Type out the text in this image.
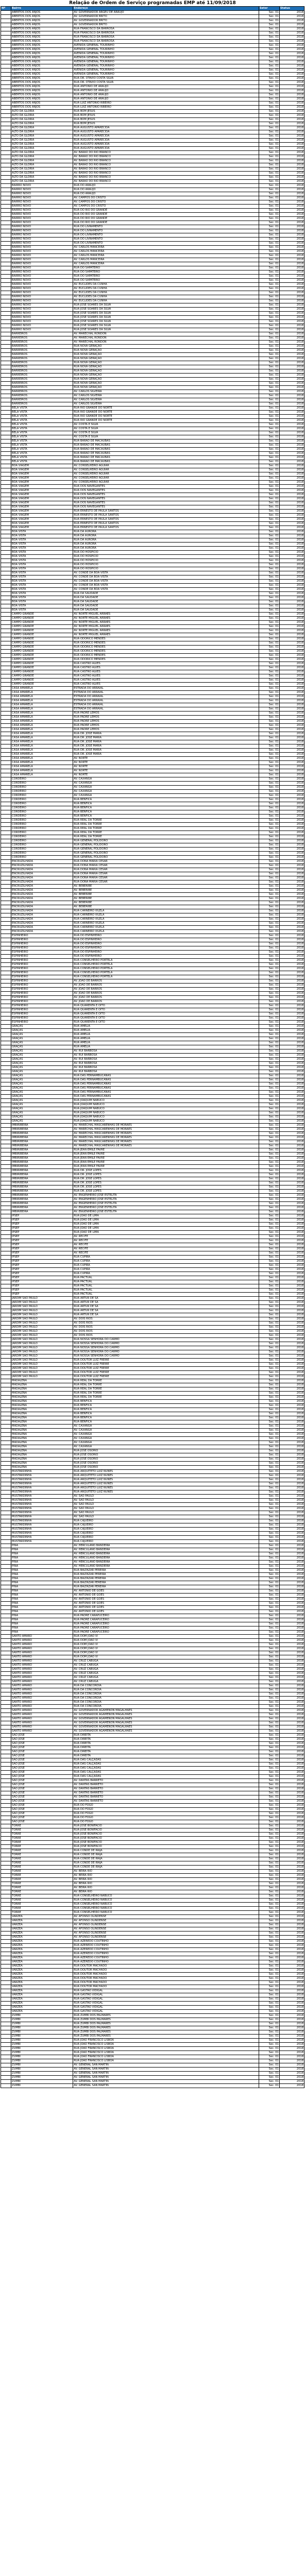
Relação de Ordem de Serviço programadas EMP até 11/09/2018
Nº	Bairro	Endereço	Setor	Status
	ABERTOS DOS ANJOS	AV. GOVERNADOR ARGEU DE ARAUJO	Sec. 01	2018
	ABERTOS DOS ANJOS	AV. GOVERNADOR BRITO	Sec. 01	2018
	ABERTOS DOS ANJOS	AV. GOVERNADOR BRITO	Sec. 01	2018
	ABERTOS DOS ANJOS	AV. GOVERNADOR BRITO	Sec. 01	2018
	ABERTOS DOS ANJOS	RUA FRANCISCO DA BARROSA	Sec. 01	2018
	ABERTOS DOS ANJOS	RUA FRANCISCO DA BARROSA	Sec. 01	2018
	ABERTOS DOS ANJOS	RUA FRANCISCO DA BARROSA	Sec. 01	2018
	ABERTOS DOS ANJOS	RUA FRANCISCO DA BARROSA	Sec. 01	2018
	ABERTOS DOS ANJOS	AVENIDA GENERAL TOURINHO	Sec. 01	2018
	ABERTOS DOS ANJOS	AVENIDA GENERAL TOURINHO	Sec. 01	2018
	ABERTOS DOS ANJOS	AVENIDA GENERAL TOURINHO	Sec. 01	2018
	ABERTOS DOS ANJOS	AVENIDA GENERAL TOURINHO	Sec. 01	2018
	ABERTOS DOS ANJOS	AVENIDA GENERAL TOURINHO	Sec. 01	2018
	ABERTOS DOS ANJOS	AVENIDA GENERAL TOURINHO	Sec. 01	2018
	ABERTOS DOS ANJOS	AVENIDA GENERAL TOURINHO	Sec. 01	2018
	ABERTOS DOS ANJOS	AVENIDA GENERAL TOURINHO	Sec. 01	2018
	ABERTOS DOS ANJOS	RUA DR. OTAVIO COSTA SILVA	Sec. 01	2018
	ABERTOS DOS ANJOS	RUA DR. OTAVIO COSTA SILVA	Sec. 01	2018
	ABERTOS DOS ANJOS	RUA ANTONIO DE ARAUJO	Sec. 01	2018
	ABERTOS DOS ANJOS	RUA ANTONIO DE ARAUJO	Sec. 01	2018
	ABERTOS DOS ANJOS	RUA ANTONIO DE ARAUJO	Sec. 01	2018
	ABERTOS DOS ANJOS	RUA ANTONIO DE ARAUJO	Sec. 01	2018
	ABERTOS DOS ANJOS	RUA LUIZ ANTONIO RIBEIRO	Sec. 01	2018
	ABERTOS DOS ANJOS	RUA LUIZ ANTONIO RIBEIRO	Sec. 01	2018
	ALTO DA GLÓRIA	RUA BOM JESUS	Sec. 01	2018
	ALTO DA GLÓRIA	RUA BOM JESUS	Sec. 01	2018
	ALTO DA GLÓRIA	RUA BOM JESUS	Sec. 01	2018
	ALTO DA GLÓRIA	RUA BOM JESUS	Sec. 01	2018
	ALTO DA GLÓRIA	RUA AUGUSTO APARECIDA	Sec. 01	2018
	ALTO DA GLÓRIA	RUA AUGUSTO APARECIDA	Sec. 01	2018
	ALTO DA GLÓRIA	RUA AUGUSTO APARECIDA	Sec. 01	2018
	ALTO DA GLÓRIA	RUA AUGUSTO APARECIDA	Sec. 01	2018
	ALTO DA GLÓRIA	RUA AUGUSTO APARECIDA	Sec. 01	2018
	ALTO DA GLÓRIA	RUA AUGUSTO APARECIDA	Sec. 01	2018
	ALTO DA GLÓRIA	AV. BARÃO DO RIO BRANCO	Sec. 01	2018
	ALTO DA GLÓRIA	AV. BARÃO DO RIO BRANCO	Sec. 01	2018
	ALTO DA GLÓRIA	AV. BARÃO DO RIO BRANCO	Sec. 01	2018
	ALTO DA GLÓRIA	AV. BARÃO DO RIO BRANCO	Sec. 01	2018
	ALTO DA GLÓRIA	AV. BARÃO DO RIO BRANCO	Sec. 01	2018
	ALTO DA GLÓRIA	AV. BARÃO DO RIO BRANCO	Sec. 01	2018
	ALTO DA GLÓRIA	AV. BARÃO DO RIO BRANCO	Sec. 01	2018
	ALTO DA GLÓRIA	AV. BARÃO DO RIO BRANCO	Sec. 01	2018
	BAIRRO NOVO	RUA DO ARAUJO	Sec. 01	2018
	BAIRRO NOVO	RUA DO ARAUJO	Sec. 01	2018
	BAIRRO NOVO	RUA DO ARAUJO	Sec. 01	2018
	BAIRRO NOVO	AV. CAMPOS DO CRISTO	Sec. 01	2018
	BAIRRO NOVO	AV. CAMPOS DO CRISTO	Sec. 01	2018
	BAIRRO NOVO	AV. CAMPOS DO CRISTO	Sec. 01	2018
	BAIRRO NOVO	RUA DO RIO DO GRANDE	Sec. 01	2018
	BAIRRO NOVO	RUA DO RIO DO GRANDE	Sec. 01	2018
	BAIRRO NOVO	RUA DO RIO DO GRANDE	Sec. 01	2018
	BAIRRO NOVO	RUA DO RIO DO GRANDE	Sec. 01	2018
	BAIRRO NOVO	RUA DO LIVRAMENTO	Sec. 01	2018
	BAIRRO NOVO	RUA DO LIVRAMENTO	Sec. 01	2018
	BAIRRO NOVO	RUA DO LIVRAMENTO	Sec. 01	2018
	BAIRRO NOVO	RUA DO LIVRAMENTO	Sec. 01	2018
	BAIRRO NOVO	RUA DO LIVRAMENTO	Sec. 01	2018
	BAIRRO NOVO	AV. CARLOS MANCEIRA	Sec. 01	2018
	BAIRRO NOVO	AV. CARLOS MANCEIRA	Sec. 01	2018
	BAIRRO NOVO	AV. CARLOS MANCEIRA	Sec. 01	2018
	BAIRRO NOVO	AV. CARLOS MANCEIRA	Sec. 01	2018
	BAIRRO NOVO	AV. CARLOS MANCEIRA	Sec. 01	2018
	BAIRRO NOVO	RUA DO SAPATEIRO	Sec. 01	2018
	BAIRRO NOVO	RUA DO SAPATEIRO	Sec. 01	2018
	BAIRRO NOVO	RUA DO SAPATEIRO	Sec. 01	2018
	BAIRRO NOVO	RUA DO SAPATEIRO	Sec. 01	2018
	BAIRRO NOVO	AV. EUCLIDES DA CUNHA	Sec. 01	2018
	BAIRRO NOVO	AV. EUCLIDES DA CUNHA	Sec. 01	2018
	BAIRRO NOVO	AV. EUCLIDES DA CUNHA	Sec. 01	2018
	BAIRRO NOVO	AV. EUCLIDES DA CUNHA	Sec. 01	2018
	BAIRRO NOVO	AV. EUCLIDES DA CUNHA	Sec. 01	2018
	BAIRRO NOVO	RUA JOSE SOARES DA SILVA	Sec. 01	2018
	BAIRRO NOVO	RUA JOSE SOARES DA SILVA	Sec. 01	2018
	BAIRRO NOVO	RUA JOSE SOARES DA SILVA	Sec. 01	2018
	BAIRRO NOVO	RUA JOSE SOARES DA SILVA	Sec. 01	2018
	BAIRRO NOVO	RUA JOSE SOARES DA SILVA	Sec. 01	2018
	BAIRRO NOVO	RUA JOSE SOARES DA SILVA	Sec. 01	2018
	BAIRRO NOVO	RUA JOSE SOARES DA SILVA	Sec. 01	2018
	BARREIROS	AV. MARECHAL RONDON	Sec. 01	2018
	BARREIROS	AV. MARECHAL RONDON	Sec. 01	2018
	BARREIROS	AV. MARECHAL RONDON	Sec. 01	2018
	BARREIROS	RUA NOVA GERAÇÃO	Sec. 01	2018
	BARREIROS	RUA NOVA GERAÇÃO	Sec. 01	2018
	BARREIROS	RUA NOVA GERAÇÃO	Sec. 01	2018
	BARREIROS	RUA NOVA GERAÇÃO	Sec. 01	2018
	BARREIROS	RUA NOVA GERAÇÃO	Sec. 01	2018
	BARREIROS	RUA NOVA GERAÇÃO	Sec. 01	2018
	BARREIROS	RUA NOVA GERAÇÃO	Sec. 01	2018
	BARREIROS	RUA NOVA GERAÇÃO	Sec. 01	2018
	BARREIROS	RUA NOVA GERAÇÃO	Sec. 01	2018
	BARREIROS	RUA NOVA GERAÇÃO	Sec. 01	2018
	BARREIROS	RUA NOVA GERAÇÃO	Sec. 01	2018
	BARREIROS	AV. CARLOS SILVEIRA	Sec. 01	2018
	BARREIROS	AV. CARLOS SILVEIRA	Sec. 01	2018
	BARREIROS	AV. CARLOS SILVEIRA	Sec. 01	2018
	BARREIROS	AV. CARLOS SILVEIRA	Sec. 01	2018
	BELA VISTA	RUA RIO GRANDE DO NORTE	Sec. 01	2018
	BELA VISTA	RUA RIO GRANDE DO NORTE	Sec. 01	2018
	BELA VISTA	RUA RIO GRANDE DO NORTE	Sec. 01	2018
	BELA VISTA	RUA RIO GRANDE DO NORTE	Sec. 01	2018
	BELA VISTA	AV. COSTA E SILVA	Sec. 01	2018
	BELA VISTA	AV. COSTA E SILVA	Sec. 01	2018
	BELA VISTA	AV. COSTA E SILVA	Sec. 01	2018
	BELA VISTA	AV. COSTA E SILVA	Sec. 01	2018
	BELA VISTA	RUA BARÃO DE MACAÚBAS	Sec. 01	2018
	BELA VISTA	RUA BARÃO DE MACAÚBAS	Sec. 01	2018
	BELA VISTA	RUA BARÃO DE MACAÚBAS	Sec. 01	2018
	BELA VISTA	RUA BARÃO DE MACAÚBAS	Sec. 01	2018
	BELA VISTA	RUA BARÃO DE MACAÚBAS	Sec. 01	2018
	BELA VISTA	RUA BARÃO DE MACAÚBAS	Sec. 01	2018
	BOA VIAGEM	AV. CONSELHEIRO AGUIAR	Sec. 01	2018
	BOA VIAGEM	AV. CONSELHEIRO AGUIAR	Sec. 01	2018
	BOA VIAGEM	AV. CONSELHEIRO AGUIAR	Sec. 01	2018
	BOA VIAGEM	AV. CONSELHEIRO AGUIAR	Sec. 01	2018
	BOA VIAGEM	AV. CONSELHEIRO AGUIAR	Sec. 01	2018
	BOA VIAGEM	RUA DOS NAVEGANTES	Sec. 01	2018
	BOA VIAGEM	RUA DOS NAVEGANTES	Sec. 01	2018
	BOA VIAGEM	RUA DOS NAVEGANTES	Sec. 01	2018
	BOA VIAGEM	RUA DOS NAVEGANTES	Sec. 01	2018
	BOA VIAGEM	RUA DOS NAVEGANTES	Sec. 01	2018
	BOA VIAGEM	RUA DOS NAVEGANTES	Sec. 01	2018
	BOA VIAGEM	RUA ERNESTO DE PAULA SANTOS	Sec. 01	2018
	BOA VIAGEM	RUA ERNESTO DE PAULA SANTOS	Sec. 01	2018
	BOA VIAGEM	RUA ERNESTO DE PAULA SANTOS	Sec. 01	2018
	BOA VIAGEM	RUA ERNESTO DE PAULA SANTOS	Sec. 01	2018
	BOA VIAGEM	RUA ERNESTO DE PAULA SANTOS	Sec. 01	2018
	BOA VISTA	RUA DA AURORA	Sec. 01	2018
	BOA VISTA	RUA DA AURORA	Sec. 01	2018
	BOA VISTA	RUA DA AURORA	Sec. 01	2018
	BOA VISTA	RUA DA AURORA	Sec. 01	2018
	BOA VISTA	RUA DA AURORA	Sec. 01	2018
	BOA VISTA	RUA DO HOSPÍCIO	Sec. 01	2018
	BOA VISTA	RUA DO HOSPÍCIO	Sec. 01	2018
	BOA VISTA	RUA DO HOSPÍCIO	Sec. 01	2018
	BOA VISTA	RUA DO HOSPÍCIO	Sec. 01	2018
	BOA VISTA	RUA DO HOSPÍCIO	Sec. 01	2018
	BOA VISTA	AV. CONDE DA BOA VISTA	Sec. 01	2018
	BOA VISTA	AV. CONDE DA BOA VISTA	Sec. 01	2018
	BOA VISTA	AV. CONDE DA BOA VISTA	Sec. 01	2018
	BOA VISTA	AV. CONDE DA BOA VISTA	Sec. 01	2018
	BOA VISTA	AV. CONDE DA BOA VISTA	Sec. 01	2018
	BOA VISTA	RUA DA SAUDADE	Sec. 01	2018
	BOA VISTA	RUA DA SAUDADE	Sec. 01	2018
	BOA VISTA	RUA DA SAUDADE	Sec. 01	2018
	BOA VISTA	RUA DA SAUDADE	Sec. 01	2018
	BOA VISTA	RUA DA SAUDADE	Sec. 01	2018
	CAMPO GRANDE	AV. NORTE MIGUEL ARRAES	Sec. 01	2018
	CAMPO GRANDE	AV. NORTE MIGUEL ARRAES	Sec. 01	2018
	CAMPO GRANDE	AV. NORTE MIGUEL ARRAES	Sec. 01	2018
	CAMPO GRANDE	AV. NORTE MIGUEL ARRAES	Sec. 01	2018
	CAMPO GRANDE	AV. NORTE MIGUEL ARRAES	Sec. 01	2018
	CAMPO GRANDE	AV. NORTE MIGUEL ARRAES	Sec. 01	2018
	CAMPO GRANDE	RUA ODORICO MENDES	Sec. 01	2018
	CAMPO GRANDE	RUA ODORICO MENDES	Sec. 01	2018
	CAMPO GRANDE	RUA ODORICO MENDES	Sec. 01	2018
	CAMPO GRANDE	RUA ODORICO MENDES	Sec. 01	2018
	CAMPO GRANDE	RUA ODORICO MENDES	Sec. 01	2018
	CAMPO GRANDE	RUA ODORICO MENDES	Sec. 01	2018
	CAMPO GRANDE	RUA CASTRO ALVES	Sec. 01	2018
	CAMPO GRANDE	RUA CASTRO ALVES	Sec. 01	2018
	CAMPO GRANDE	RUA CASTRO ALVES	Sec. 01	2018
	CAMPO GRANDE	RUA CASTRO ALVES	Sec. 01	2018
	CAMPO GRANDE	RUA CASTRO ALVES	Sec. 01	2018
	CAMPO GRANDE	RUA CASTRO ALVES	Sec. 01	2018
	CASA AMARELA	ESTRADA DO ARRAIAL	Sec. 01	2018
	CASA AMARELA	ESTRADA DO ARRAIAL	Sec. 01	2018
	CASA AMARELA	ESTRADA DO ARRAIAL	Sec. 01	2018
	CASA AMARELA	ESTRADA DO ARRAIAL	Sec. 01	2018
	CASA AMARELA	ESTRADA DO ARRAIAL	Sec. 01	2018
	CASA AMARELA	ESTRADA DO ARRAIAL	Sec. 01	2018
	CASA AMARELA	RUA PADRE LEMOS	Sec. 01	2018
	CASA AMARELA	RUA PADRE LEMOS	Sec. 01	2018
	CASA AMARELA	RUA PADRE LEMOS	Sec. 01	2018
	CASA AMARELA	RUA PADRE LEMOS	Sec. 01	2018
	CASA AMARELA	RUA PADRE LEMOS	Sec. 01	2018
	CASA AMARELA	RUA DR. JOSÉ MARIA	Sec. 01	2018
	CASA AMARELA	RUA DR. JOSÉ MARIA	Sec. 01	2018
	CASA AMARELA	RUA DR. JOSÉ MARIA	Sec. 01	2018
	CASA AMARELA	RUA DR. JOSÉ MARIA	Sec. 01	2018
	CASA AMARELA	RUA DR. JOSÉ MARIA	Sec. 01	2018
	CASA AMARELA	RUA DR. JOSÉ MARIA	Sec. 01	2018
	CASA AMARELA	AV. NORTE	Sec. 01	2018
	CASA AMARELA	AV. NORTE	Sec. 01	2018
	CASA AMARELA	AV. NORTE	Sec. 01	2018
	CASA AMARELA	AV. NORTE	Sec. 01	2018
	CASA AMARELA	AV. NORTE	Sec. 01	2018
	CORDEIRO	AV. CAXANGÁ	Sec. 01	2018
	CORDEIRO	AV. CAXANGÁ	Sec. 01	2018
	CORDEIRO	AV. CAXANGÁ	Sec. 01	2018
	CORDEIRO	AV. CAXANGÁ	Sec. 01	2018
	CORDEIRO	AV. CAXANGÁ	Sec. 01	2018
	CORDEIRO	RUA BENFICA	Sec. 01	2018
	CORDEIRO	RUA BENFICA	Sec. 01	2018
	CORDEIRO	RUA BENFICA	Sec. 01	2018
	CORDEIRO	RUA BENFICA	Sec. 01	2018
	CORDEIRO	RUA BENFICA	Sec. 01	2018
	CORDEIRO	RUA REAL DA TORRE	Sec. 01	2018
	CORDEIRO	RUA REAL DA TORRE	Sec. 01	2018
	CORDEIRO	RUA REAL DA TORRE	Sec. 01	2018
	CORDEIRO	RUA REAL DA TORRE	Sec. 01	2018
	CORDEIRO	RUA REAL DA TORRE	Sec. 01	2018
	CORDEIRO	RUA GENERAL POLIDORO	Sec. 01	2018
	CORDEIRO	RUA GENERAL POLIDORO	Sec. 01	2018
	CORDEIRO	RUA GENERAL POLIDORO	Sec. 01	2018
	CORDEIRO	RUA GENERAL POLIDORO	Sec. 01	2018
	CORDEIRO	RUA GENERAL POLIDORO	Sec. 01	2018
	ENCRUZILHADA	RUA DONA MARIA CÉSAR	Sec. 01	2018
	ENCRUZILHADA	RUA DONA MARIA CÉSAR	Sec. 01	2018
	ENCRUZILHADA	RUA DONA MARIA CÉSAR	Sec. 01	2018
	ENCRUZILHADA	RUA DONA MARIA CÉSAR	Sec. 01	2018
	ENCRUZILHADA	RUA DONA MARIA CÉSAR	Sec. 01	2018
	ENCRUZILHADA	RUA DONA MARIA CÉSAR	Sec. 01	2018
	ENCRUZILHADA	AV. BEBERIBE	Sec. 01	2018
	ENCRUZILHADA	AV. BEBERIBE	Sec. 01	2018
	ENCRUZILHADA	AV. BEBERIBE	Sec. 01	2018
	ENCRUZILHADA	AV. BEBERIBE	Sec. 01	2018
	ENCRUZILHADA	AV. BEBERIBE	Sec. 01	2018
	ENCRUZILHADA	AV. BEBERIBE	Sec. 01	2018
	ENCRUZILHADA	RUA CARNEIRO VILELA	Sec. 01	2018
	ENCRUZILHADA	RUA CARNEIRO VILELA	Sec. 01	2018
	ENCRUZILHADA	RUA CARNEIRO VILELA	Sec. 01	2018
	ENCRUZILHADA	RUA CARNEIRO VILELA	Sec. 01	2018
	ENCRUZILHADA	RUA CARNEIRO VILELA	Sec. 01	2018
	ENCRUZILHADA	RUA CARNEIRO VILELA	Sec. 01	2018
	ESPINHEIRO	RUA DO ESPINHEIRO	Sec. 01	2018
	ESPINHEIRO	RUA DO ESPINHEIRO	Sec. 01	2018
	ESPINHEIRO	RUA DO ESPINHEIRO	Sec. 01	2018
	ESPINHEIRO	RUA DO ESPINHEIRO	Sec. 01	2018
	ESPINHEIRO	RUA DO ESPINHEIRO	Sec. 01	2018
	ESPINHEIRO	RUA DO ESPINHEIRO	Sec. 01	2018
	ESPINHEIRO	RUA CONSELHEIRO PORTELA	Sec. 01	2018
	ESPINHEIRO	RUA CONSELHEIRO PORTELA	Sec. 01	2018
	ESPINHEIRO	RUA CONSELHEIRO PORTELA	Sec. 01	2018
	ESPINHEIRO	RUA CONSELHEIRO PORTELA	Sec. 01	2018
	ESPINHEIRO	RUA CONSELHEIRO PORTELA	Sec. 01	2018
	ESPINHEIRO	AV. JOÃO DE BARROS	Sec. 01	2018
	ESPINHEIRO	AV. JOÃO DE BARROS	Sec. 01	2018
	ESPINHEIRO	AV. JOÃO DE BARROS	Sec. 01	2018
	ESPINHEIRO	AV. JOÃO DE BARROS	Sec. 01	2018
	ESPINHEIRO	AV. JOÃO DE BARROS	Sec. 01	2018
	ESPINHEIRO	AV. JOÃO DE BARROS	Sec. 01	2018
	ESPINHEIRO	RUA QUARENTA E OITO	Sec. 01	2018
	ESPINHEIRO	RUA QUARENTA E OITO	Sec. 01	2018
	ESPINHEIRO	RUA QUARENTA E OITO	Sec. 01	2018
	ESPINHEIRO	RUA QUARENTA E OITO	Sec. 01	2018
	ESPINHEIRO	RUA QUARENTA E OITO	Sec. 01	2018
	GRAÇAS	RUA AMÉLIA	Sec. 01	2018
	GRAÇAS	RUA AMÉLIA	Sec. 01	2018
	GRAÇAS	RUA AMÉLIA	Sec. 01	2018
	GRAÇAS	RUA AMÉLIA	Sec. 01	2018
	GRAÇAS	RUA AMÉLIA	Sec. 01	2018
	GRAÇAS	RUA AMÉLIA	Sec. 01	2018
	GRAÇAS	AV. RUI BARBOSA	Sec. 01	2018
	GRAÇAS	AV. RUI BARBOSA	Sec. 01	2018
	GRAÇAS	AV. RUI BARBOSA	Sec. 01	2018
	GRAÇAS	AV. RUI BARBOSA	Sec. 01	2018
	GRAÇAS	AV. RUI BARBOSA	Sec. 01	2018
	GRAÇAS	AV. RUI BARBOSA	Sec. 01	2018
	GRAÇAS	RUA DAS PERNAMBUCANAS	Sec. 01	2018
	GRAÇAS	RUA DAS PERNAMBUCANAS	Sec. 01	2018
	GRAÇAS	RUA DAS PERNAMBUCANAS	Sec. 01	2018
	GRAÇAS	RUA DAS PERNAMBUCANAS	Sec. 01	2018
	GRAÇAS	RUA DAS PERNAMBUCANAS	Sec. 01	2018
	GRAÇAS	RUA DAS PERNAMBUCANAS	Sec. 01	2018
	GRAÇAS	RUA JOAQUIM NABUCO	Sec. 01	2018
	GRAÇAS	RUA JOAQUIM NABUCO	Sec. 01	2018
	GRAÇAS	RUA JOAQUIM NABUCO	Sec. 01	2018
	GRAÇAS	RUA JOAQUIM NABUCO	Sec. 01	2018
	GRAÇAS	RUA JOAQUIM NABUCO	Sec. 01	2018
	GRAÇAS	RUA JOAQUIM NABUCO	Sec. 01	2018
	IMBIRIBEIRA	AV. MARECHAL MASCARENHAS DE MORAES	Sec. 01	2018
	IMBIRIBEIRA	AV. MARECHAL MASCARENHAS DE MORAES	Sec. 01	2018
	IMBIRIBEIRA	AV. MARECHAL MASCARENHAS DE MORAES	Sec. 01	2018
	IMBIRIBEIRA	AV. MARECHAL MASCARENHAS DE MORAES	Sec. 01	2018
	IMBIRIBEIRA	AV. MARECHAL MASCARENHAS DE MORAES	Sec. 01	2018
	IMBIRIBEIRA	AV. MARECHAL MASCARENHAS DE MORAES	Sec. 01	2018
	IMBIRIBEIRA	RUA JEAN EMILE FAVRE	Sec. 01	2018
	IMBIRIBEIRA	RUA JEAN EMILE FAVRE	Sec. 01	2018
	IMBIRIBEIRA	RUA JEAN EMILE FAVRE	Sec. 01	2018
	IMBIRIBEIRA	RUA JEAN EMILE FAVRE	Sec. 01	2018
	IMBIRIBEIRA	RUA JEAN EMILE FAVRE	Sec. 01	2018
	IMBIRIBEIRA	RUA DR. JOSÉ LOPES	Sec. 01	2018
	IMBIRIBEIRA	RUA DR. JOSÉ LOPES	Sec. 01	2018
	IMBIRIBEIRA	RUA DR. JOSÉ LOPES	Sec. 01	2018
	IMBIRIBEIRA	RUA DR. JOSÉ LOPES	Sec. 01	2018
	IMBIRIBEIRA	RUA DR. JOSÉ LOPES	Sec. 01	2018
	IMBIRIBEIRA	RUA DR. JOSÉ LOPES	Sec. 01	2018
	IMBIRIBEIRA	AV. ENGENHEIRO JOSÉ ESTELITA	Sec. 01	2018
	IMBIRIBEIRA	AV. ENGENHEIRO JOSÉ ESTELITA	Sec. 01	2018
	IMBIRIBEIRA	AV. ENGENHEIRO JOSÉ ESTELITA	Sec. 01	2018
	IMBIRIBEIRA	AV. ENGENHEIRO JOSÉ ESTELITA	Sec. 01	2018
	IMBIRIBEIRA	AV. ENGENHEIRO JOSÉ ESTELITA	Sec. 01	2018
	IPSEP	RUA JOÃO DE LIMA	Sec. 01	2018
	IPSEP	RUA JOÃO DE LIMA	Sec. 01	2018
	IPSEP	RUA JOÃO DE LIMA	Sec. 01	2018
	IPSEP	RUA JOÃO DE LIMA	Sec. 01	2018
	IPSEP	RUA JOÃO DE LIMA	Sec. 01	2018
	IPSEP	AV. RECIFE	Sec. 01	2018
	IPSEP	AV. RECIFE	Sec. 01	2018
	IPSEP	AV. RECIFE	Sec. 01	2018
	IPSEP	AV. RECIFE	Sec. 01	2018
	IPSEP	AV. RECIFE	Sec. 01	2018
	IPSEP	RUA CUPIRA	Sec. 01	2018
	IPSEP	RUA CUPIRA	Sec. 01	2018
	IPSEP	RUA CUPIRA	Sec. 01	2018
	IPSEP	RUA CUPIRA	Sec. 01	2018
	IPSEP	RUA CUPIRA	Sec. 01	2018
	IPSEP	RUA PACTUAL	Sec. 01	2018
	IPSEP	RUA PACTUAL	Sec. 01	2018
	IPSEP	RUA PACTUAL	Sec. 01	2018
	IPSEP	RUA PACTUAL	Sec. 01	2018
	IPSEP	RUA PACTUAL	Sec. 01	2018
	JARDIM SÃO PAULO	RUA ARTUR DE SÁ	Sec. 01	2018
	JARDIM SÃO PAULO	RUA ARTUR DE SÁ	Sec. 01	2018
	JARDIM SÃO PAULO	RUA ARTUR DE SÁ	Sec. 01	2018
	JARDIM SÃO PAULO	RUA ARTUR DE SÁ	Sec. 01	2018
	JARDIM SÃO PAULO	RUA ARTUR DE SÁ	Sec. 01	2018
	JARDIM SÃO PAULO	AV. DOIS RIOS	Sec. 01	2018
	JARDIM SÃO PAULO	AV. DOIS RIOS	Sec. 01	2018
	JARDIM SÃO PAULO	AV. DOIS RIOS	Sec. 01	2018
	JARDIM SÃO PAULO	AV. DOIS RIOS	Sec. 01	2018
	JARDIM SÃO PAULO	AV. DOIS RIOS	Sec. 01	2018
	JARDIM SÃO PAULO	RUA NOSSA SENHORA DO CARMO	Sec. 01	2018
	JARDIM SÃO PAULO	RUA NOSSA SENHORA DO CARMO	Sec. 01	2018
	JARDIM SÃO PAULO	RUA NOSSA SENHORA DO CARMO	Sec. 01	2018
	JARDIM SÃO PAULO	RUA NOSSA SENHORA DO CARMO	Sec. 01	2018
	JARDIM SÃO PAULO	RUA NOSSA SENHORA DO CARMO	Sec. 01	2018
	JARDIM SÃO PAULO	RUA DOUTOR LUIZ FREIRE	Sec. 01	2018
	JARDIM SÃO PAULO	RUA DOUTOR LUIZ FREIRE	Sec. 01	2018
	JARDIM SÃO PAULO	RUA DOUTOR LUIZ FREIRE	Sec. 01	2018
	JARDIM SÃO PAULO	RUA DOUTOR LUIZ FREIRE	Sec. 01	2018
	JARDIM SÃO PAULO	RUA DOUTOR LUIZ FREIRE	Sec. 01	2018
	MADALENA	RUA REAL DA TORRE	Sec. 01	2018
	MADALENA	RUA REAL DA TORRE	Sec. 01	2018
	MADALENA	RUA REAL DA TORRE	Sec. 01	2018
	MADALENA	RUA REAL DA TORRE	Sec. 01	2018
	MADALENA	RUA REAL DA TORRE	Sec. 01	2018
	MADALENA	RUA BENFICA	Sec. 01	2018
	MADALENA	RUA BENFICA	Sec. 01	2018
	MADALENA	RUA BENFICA	Sec. 01	2018
	MADALENA	RUA BENFICA	Sec. 01	2018
	MADALENA	RUA BENFICA	Sec. 01	2018
	MADALENA	RUA BENFICA	Sec. 01	2018
	MADALENA	AV. CAXANGÁ	Sec. 01	2018
	MADALENA	AV. CAXANGÁ	Sec. 01	2018
	MADALENA	AV. CAXANGÁ	Sec. 01	2018
	MADALENA	AV. CAXANGÁ	Sec. 01	2018
	MADALENA	AV. CAXANGÁ	Sec. 01	2018
	MADALENA	AV. CAXANGÁ	Sec. 01	2018
	MADALENA	RUA JOSÉ OSÓRIO	Sec. 01	2018
	MADALENA	RUA JOSÉ OSÓRIO	Sec. 01	2018
	MADALENA	RUA JOSÉ OSÓRIO	Sec. 01	2018
	MADALENA	RUA JOSÉ OSÓRIO	Sec. 01	2018
	MADALENA	RUA JOSÉ OSÓRIO	Sec. 01	2018
	MUSTARDINHA	RUA ARQUITETO LUIZ NUNES	Sec. 01	2018
	MUSTARDINHA	RUA ARQUITETO LUIZ NUNES	Sec. 01	2018
	MUSTARDINHA	RUA ARQUITETO LUIZ NUNES	Sec. 01	2018
	MUSTARDINHA	RUA ARQUITETO LUIZ NUNES	Sec. 01	2018
	MUSTARDINHA	RUA ARQUITETO LUIZ NUNES	Sec. 01	2018
	MUSTARDINHA	RUA ARQUITETO LUIZ NUNES	Sec. 01	2018
	MUSTARDINHA	AV. SÃO PAULO	Sec. 01	2018
	MUSTARDINHA	AV. SÃO PAULO	Sec. 01	2018
	MUSTARDINHA	AV. SÃO PAULO	Sec. 01	2018
	MUSTARDINHA	AV. SÃO PAULO	Sec. 01	2018
	MUSTARDINHA	AV. SÃO PAULO	Sec. 01	2018
	MUSTARDINHA	AV. SÃO PAULO	Sec. 01	2018
	MUSTARDINHA	RUA CAJUEIRO	Sec. 01	2018
	MUSTARDINHA	RUA CAJUEIRO	Sec. 01	2018
	MUSTARDINHA	RUA CAJUEIRO	Sec. 01	2018
	MUSTARDINHA	RUA CAJUEIRO	Sec. 01	2018
	MUSTARDINHA	RUA CAJUEIRO	Sec. 01	2018
	MUSTARDINHA	RUA CAJUEIRO	Sec. 01	2018
	PINA	AV. HERCULANO BANDEIRA	Sec. 01	2018
	PINA	AV. HERCULANO BANDEIRA	Sec. 01	2018
	PINA	AV. HERCULANO BANDEIRA	Sec. 01	2018
	PINA	AV. HERCULANO BANDEIRA	Sec. 01	2018
	PINA	AV. HERCULANO BANDEIRA	Sec. 01	2018
	PINA	AV. HERCULANO BANDEIRA	Sec. 01	2018
	PINA	RUA BALTAZAR PEREIRA	Sec. 01	2018
	PINA	RUA BALTAZAR PEREIRA	Sec. 01	2018
	PINA	RUA BALTAZAR PEREIRA	Sec. 01	2018
	PINA	RUA BALTAZAR PEREIRA	Sec. 01	2018
	PINA	RUA BALTAZAR PEREIRA	Sec. 01	2018
	PINA	AV. ANTÔNIO DE GÓES	Sec. 01	2018
	PINA	AV. ANTÔNIO DE GÓES	Sec. 01	2018
	PINA	AV. ANTÔNIO DE GÓES	Sec. 01	2018
	PINA	AV. ANTÔNIO DE GÓES	Sec. 01	2018
	PINA	AV. ANTÔNIO DE GÓES	Sec. 01	2018
	PINA	AV. ANTÔNIO DE GÓES	Sec. 01	2018
	PINA	RUA PADRE CARAPUCEIRO	Sec. 01	2018
	PINA	RUA PADRE CARAPUCEIRO	Sec. 01	2018
	PINA	RUA PADRE CARAPUCEIRO	Sec. 01	2018
	PINA	RUA PADRE CARAPUCEIRO	Sec. 01	2018
	PINA	RUA PADRE CARAPUCEIRO	Sec. 01	2018
	SANTO AMARO	RUA DOM JOÃO VI	Sec. 01	2018
	SANTO AMARO	RUA DOM JOÃO VI	Sec. 01	2018
	SANTO AMARO	RUA DOM JOÃO VI	Sec. 01	2018
	SANTO AMARO	RUA DOM JOÃO VI	Sec. 01	2018
	SANTO AMARO	RUA DOM JOÃO VI	Sec. 01	2018
	SANTO AMARO	RUA DOM JOÃO VI	Sec. 01	2018
	SANTO AMARO	AV. CRUZ CABUGÁ	Sec. 01	2018
	SANTO AMARO	AV. CRUZ CABUGÁ	Sec. 01	2018
	SANTO AMARO	AV. CRUZ CABUGÁ	Sec. 01	2018
	SANTO AMARO	AV. CRUZ CABUGÁ	Sec. 01	2018
	SANTO AMARO	AV. CRUZ CABUGÁ	Sec. 01	2018
	SANTO AMARO	AV. CRUZ CABUGÁ	Sec. 01	2018
	SANTO AMARO	RUA DA CONCÓRDIA	Sec. 01	2018
	SANTO AMARO	RUA DA CONCÓRDIA	Sec. 01	2018
	SANTO AMARO	RUA DA CONCÓRDIA	Sec. 01	2018
	SANTO AMARO	RUA DA CONCÓRDIA	Sec. 01	2018
	SANTO AMARO	RUA DA CONCÓRDIA	Sec. 01	2018
	SANTO AMARO	RUA DA CONCÓRDIA	Sec. 01	2018
	SANTO AMARO	AV. GOVERNADOR AGAMENON MAGALHÃES	Sec. 01	2018
	SANTO AMARO	AV. GOVERNADOR AGAMENON MAGALHÃES	Sec. 01	2018
	SANTO AMARO	AV. GOVERNADOR AGAMENON MAGALHÃES	Sec. 01	2018
	SANTO AMARO	AV. GOVERNADOR AGAMENON MAGALHÃES	Sec. 01	2018
	SANTO AMARO	AV. GOVERNADOR AGAMENON MAGALHÃES	Sec. 01	2018
	SANTO AMARO	AV. GOVERNADOR AGAMENON MAGALHÃES	Sec. 01	2018
	SÃO JOSÉ	RUA DIREITA	Sec. 01	2018
	SÃO JOSÉ	RUA DIREITA	Sec. 01	2018
	SÃO JOSÉ	RUA DIREITA	Sec. 01	2018
	SÃO JOSÉ	RUA DIREITA	Sec. 01	2018
	SÃO JOSÉ	RUA DIREITA	Sec. 01	2018
	SÃO JOSÉ	RUA DIREITA	Sec. 01	2018
	SÃO JOSÉ	RUA DAS CALÇADAS	Sec. 01	2018
	SÃO JOSÉ	RUA DAS CALÇADAS	Sec. 01	2018
	SÃO JOSÉ	RUA DAS CALÇADAS	Sec. 01	2018
	SÃO JOSÉ	RUA DAS CALÇADAS	Sec. 01	2018
	SÃO JOSÉ	RUA DAS CALÇADAS	Sec. 01	2018
	SÃO JOSÉ	AV. DANTAS BARRETO	Sec. 01	2018
	SÃO JOSÉ	AV. DANTAS BARRETO	Sec. 01	2018
	SÃO JOSÉ	AV. DANTAS BARRETO	Sec. 01	2018
	SÃO JOSÉ	AV. DANTAS BARRETO	Sec. 01	2018
	SÃO JOSÉ	AV. DANTAS BARRETO	Sec. 01	2018
	SÃO JOSÉ	AV. DANTAS BARRETO	Sec. 01	2018
	SÃO JOSÉ	RUA DO FOGO	Sec. 01	2018
	SÃO JOSÉ	RUA DO FOGO	Sec. 01	2018
	SÃO JOSÉ	RUA DO FOGO	Sec. 01	2018
	SÃO JOSÉ	RUA DO FOGO	Sec. 01	2018
	SÃO JOSÉ	RUA DO FOGO	Sec. 01	2018
	TORRE	RUA JOSÉ BONIFÁCIO	Sec. 01	2018
	TORRE	RUA JOSÉ BONIFÁCIO	Sec. 01	2018
	TORRE	RUA JOSÉ BONIFÁCIO	Sec. 01	2018
	TORRE	RUA JOSÉ BONIFÁCIO	Sec. 01	2018
	TORRE	RUA JOSÉ BONIFÁCIO	Sec. 01	2018
	TORRE	RUA JOSÉ BONIFÁCIO	Sec. 01	2018
	TORRE	RUA CONDE DE IRAJÁ	Sec. 01	2018
	TORRE	RUA CONDE DE IRAJÁ	Sec. 01	2018
	TORRE	RUA CONDE DE IRAJÁ	Sec. 01	2018
	TORRE	RUA CONDE DE IRAJÁ	Sec. 01	2018
	TORRE	RUA CONDE DE IRAJÁ	Sec. 01	2018
	TORRE	AV. BEIRA RIO	Sec. 01	2018
	TORRE	AV. BEIRA RIO	Sec. 01	2018
	TORRE	AV. BEIRA RIO	Sec. 01	2018
	TORRE	AV. BEIRA RIO	Sec. 01	2018
	TORRE	AV. BEIRA RIO	Sec. 01	2018
	TORRE	AV. BEIRA RIO	Sec. 01	2018
	TORRE	RUA CONSELHEIRO NABUCO	Sec. 01	2018
	TORRE	RUA CONSELHEIRO NABUCO	Sec. 01	2018
	TORRE	RUA CONSELHEIRO NABUCO	Sec. 01	2018
	TORRE	RUA CONSELHEIRO NABUCO	Sec. 01	2018
	TORRE	RUA CONSELHEIRO NABUCO	Sec. 01	2018
	VÁRZEA	AV. AFONSO OLINDENSE	Sec. 01	2018
	VÁRZEA	AV. AFONSO OLINDENSE	Sec. 01	2018
	VÁRZEA	AV. AFONSO OLINDENSE	Sec. 01	2018
	VÁRZEA	AV. AFONSO OLINDENSE	Sec. 01	2018
	VÁRZEA	AV. AFONSO OLINDENSE	Sec. 01	2018
	VÁRZEA	AV. AFONSO OLINDENSE	Sec. 01	2018
	VÁRZEA	RUA AZEREDO COUTINHO	Sec. 01	2018
	VÁRZEA	RUA AZEREDO COUTINHO	Sec. 01	2018
	VÁRZEA	RUA AZEREDO COUTINHO	Sec. 01	2018
	VÁRZEA	RUA AZEREDO COUTINHO	Sec. 01	2018
	VÁRZEA	RUA AZEREDO COUTINHO	Sec. 01	2018
	VÁRZEA	RUA AZEREDO COUTINHO	Sec. 01	2018
	VÁRZEA	RUA DOUTOR MACHADO	Sec. 01	2018
	VÁRZEA	RUA DOUTOR MACHADO	Sec. 01	2018
	VÁRZEA	RUA DOUTOR MACHADO	Sec. 01	2018
	VÁRZEA	RUA DOUTOR MACHADO	Sec. 01	2018
	VÁRZEA	RUA DOUTOR MACHADO	Sec. 01	2018
	VÁRZEA	RUA DOUTOR MACHADO	Sec. 01	2018
	VÁRZEA	RUA GASTÃO VIDIGAL	Sec. 01	2018
	VÁRZEA	RUA GASTÃO VIDIGAL	Sec. 01	2018
	VÁRZEA	RUA GASTÃO VIDIGAL	Sec. 01	2018
	VÁRZEA	RUA GASTÃO VIDIGAL	Sec. 01	2018
	VÁRZEA	RUA GASTÃO VIDIGAL	Sec. 01	2018
	VÁRZEA	RUA GASTÃO VIDIGAL	Sec. 01	2018
	ZUMBI	RUA ZUMBI DOS PALMARES	Sec. 01	2018
	ZUMBI	RUA ZUMBI DOS PALMARES	Sec. 01	2018
	ZUMBI	RUA ZUMBI DOS PALMARES	Sec. 01	2018
	ZUMBI	RUA ZUMBI DOS PALMARES	Sec. 01	2018
	ZUMBI	RUA ZUMBI DOS PALMARES	Sec. 01	2018
	ZUMBI	RUA ZUMBI DOS PALMARES	Sec. 01	2018
	ZUMBI	RUA JOÃO FRANCISCO LISBOA	Sec. 01	2018
	ZUMBI	RUA JOÃO FRANCISCO LISBOA	Sec. 01	2018
	ZUMBI	RUA JOÃO FRANCISCO LISBOA	Sec. 01	2018
	ZUMBI	RUA JOÃO FRANCISCO LISBOA	Sec. 01	2018
	ZUMBI	RUA JOÃO FRANCISCO LISBOA	Sec. 01	2018
	ZUMBI	RUA JOÃO FRANCISCO LISBOA	Sec. 01	2018
	ZUMBI	AV. GENERAL SAN MARTIN	Sec. 01	2018
	ZUMBI	AV. GENERAL SAN MARTIN	Sec. 01	2018
	ZUMBI	AV. GENERAL SAN MARTIN	Sec. 01	2018
	ZUMBI	AV. GENERAL SAN MARTIN	Sec. 01	2018
	ZUMBI	AV. GENERAL SAN MARTIN	Sec. 01	2018
	ZUMBI	AV. GENERAL SAN MARTIN	Sec. 01	2018
